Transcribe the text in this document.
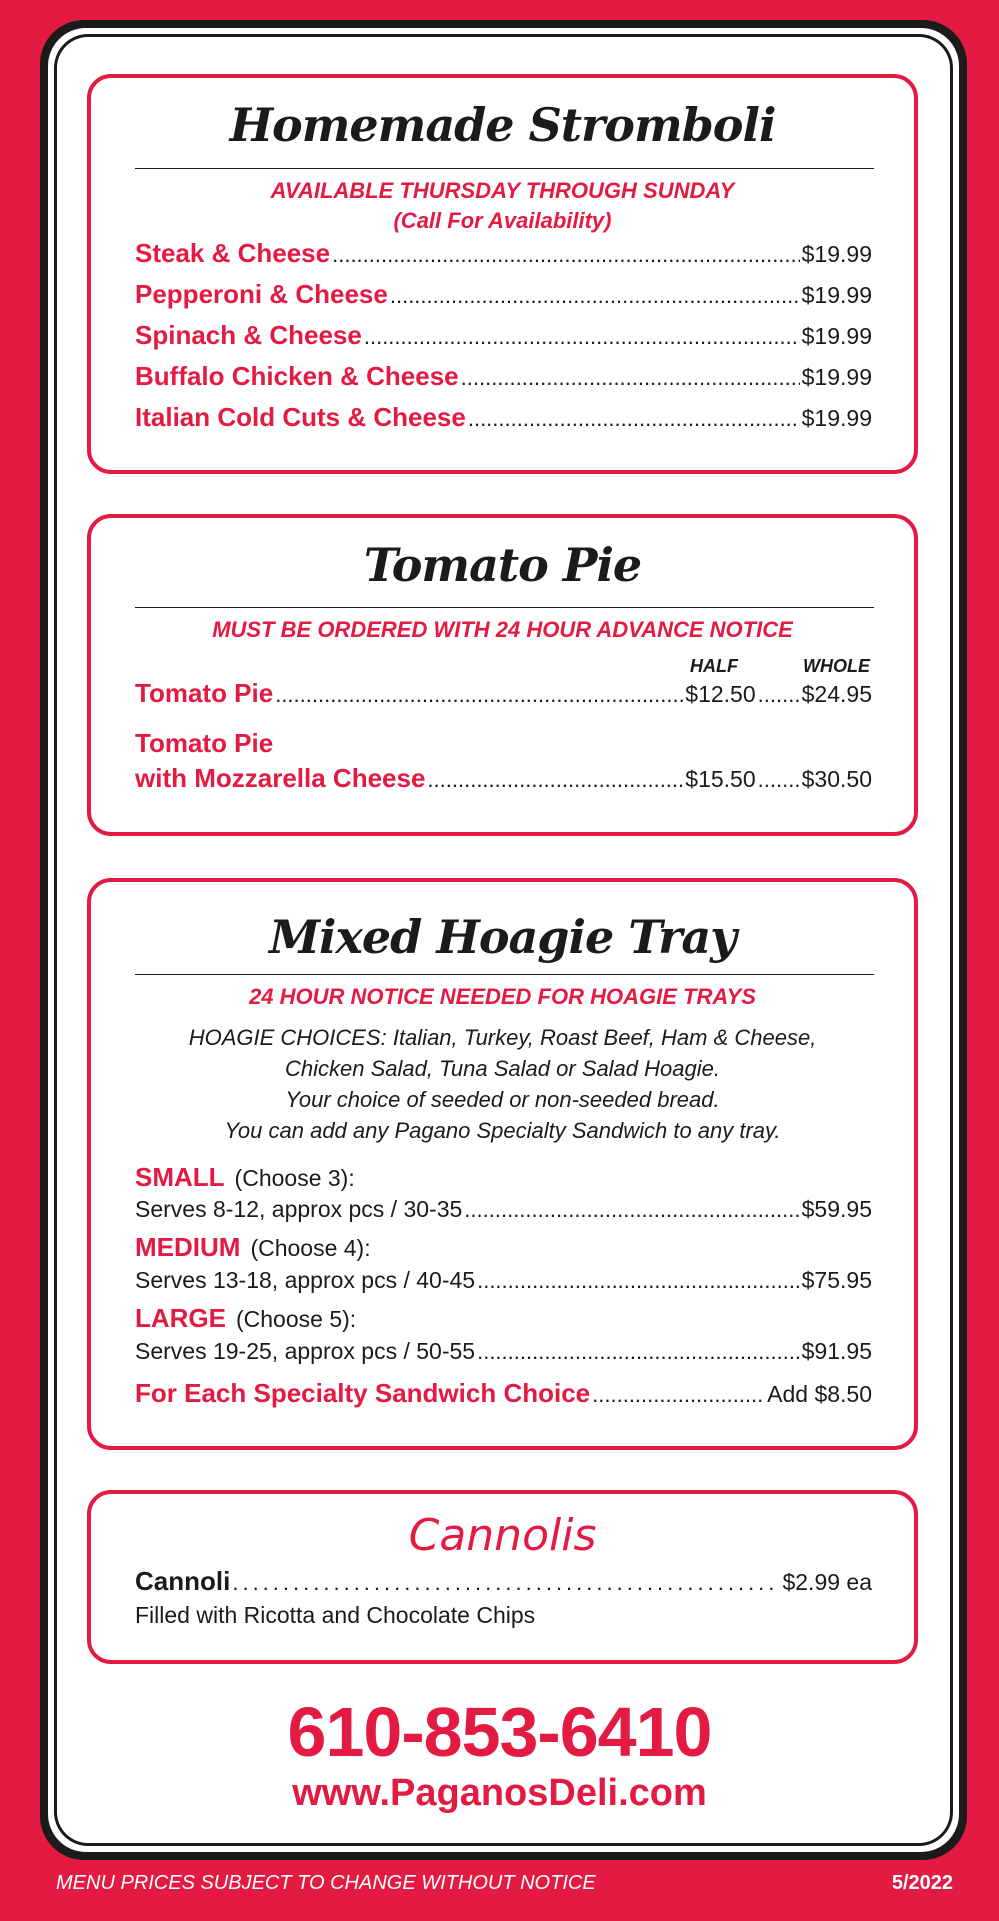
Homemade Stromboli
AVAILABLE THURSDAY THROUGH SUNDAY
(Call For Availability)
Steak & Cheese .....	$19.99
Pepperoni & Cheese .....	$19.99
Spinach & Cheese .....	$19.99
Buffalo Chicken & Cheese .....	$19.99
Italian Cold Cuts & Cheese .....	$19.99
Tomato Pie
MUST BE ORDERED WITH 24 HOUR ADVANCE NOTICE
HALF	WHOLE
Tomato Pie .....	$12.50 ..... $24.95
Tomato Pie
with Mozzarella Cheese .....	$15.50 ..... $30.50
Mixed Hoagie Tray
24 HOUR NOTICE NEEDED FOR HOAGIE TRAYS
HOAGIE CHOICES: Italian, Turkey, Roast Beef, Ham & Cheese,
Chicken Salad, Tuna Salad or Salad Hoagie.
Your choice of seeded or non-seeded bread.
You can add any Pagano Specialty Sandwich to any tray.
SMALL (Choose 3):
Serves 8-12, approx pcs / 30-35 .....	$59.95
MEDIUM (Choose 4):
Serves 13-18, approx pcs / 40-45 .....	$75.95
LARGE (Choose 5):
Serves 19-25, approx pcs / 50-55 .....	$91.95
For Each Specialty Sandwich Choice .....	Add $8.50
Cannolis
Cannoli .....	$2.99 ea
Filled with Ricotta and Chocolate Chips
610-853-6410
www.PaganosDeli.com
MENU PRICES SUBJECT TO CHANGE WITHOUT NOTICE	5/2022
